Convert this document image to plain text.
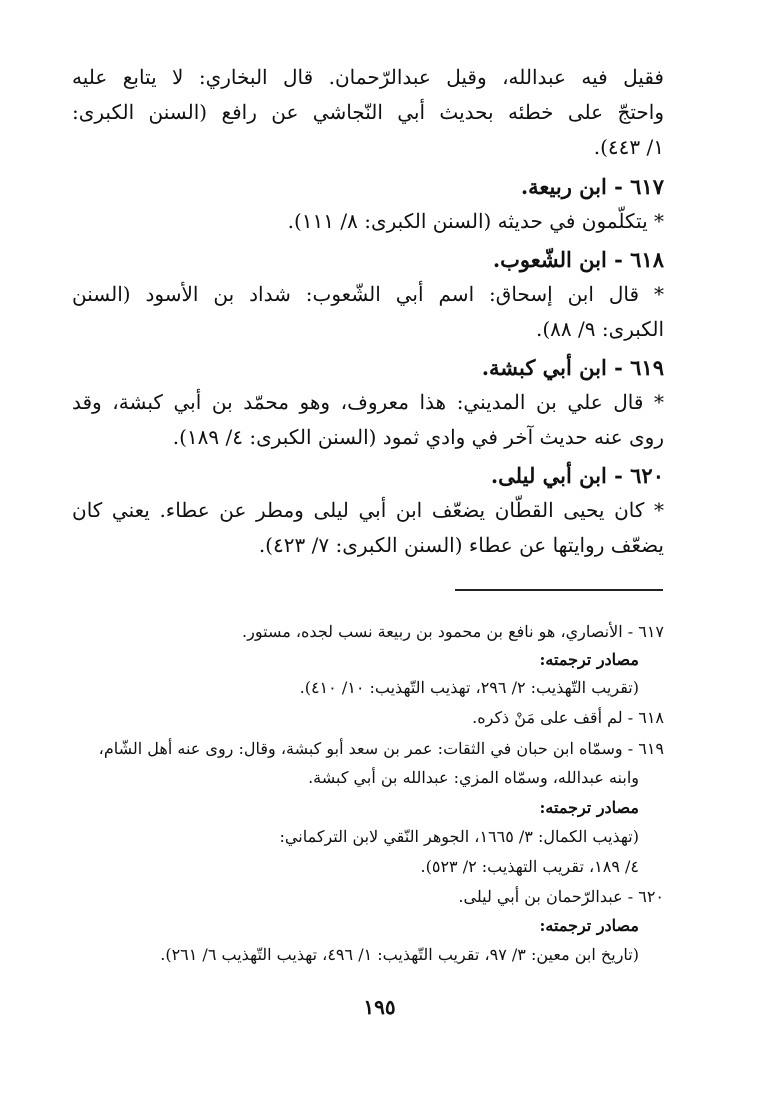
فقيل فيه عبدالله، وقيل عبدالرّحمان. قال البخاري: لا يتابع عليه
واحتجّ على خطئه بحديث أبي النّجاشي عن رافع (السنن الكبرى:
١/ ٤٤٣).
٦١٧ - ابن ربيعة.
* يتكلّمون في حديثه (السنن الكبرى: ٨/ ١١١).
٦١٨ - ابن الشّعوب.
* قال ابن إسحاق: اسم أبي الشّعوب: شداد بن الأسود (السنن
الكبرى: ٩/ ٨٨).
٦١٩ - ابن أبي كبشة.
* قال علي بن المديني: هذا معروف، وهو محمّد بن أبي كبشة، وقد
روى عنه حديث آخر في وادي ثمود (السنن الكبرى: ٤/ ١٨٩).
٦٢٠ - ابن أبي ليلى.
* كان يحيى القطّان يضعّف ابن أبي ليلى ومطر عن عطاء. يعني كان
يضعّف روايتها عن عطاء (السنن الكبرى: ٧/ ٤٢٣).
٦١٧ - الأنصاري، هو نافع بن محمود بن ربيعة نسب لجده، مستور.
مصادر ترجمته:
(تقريب التّهذيب: ٢/ ٢٩٦، تهذيب التّهذيب: ١٠/ ٤١٠).
٦١٨ - لم أقف على مَنْ ذكره.
٦١٩ - وسمّاه ابن حبان في الثقات: عمر بن سعد أبو كبشة، وقال: روى عنه أهل الشّام،
وابنه عبدالله، وسمّاه المزي: عبدالله بن أبي كبشة.
مصادر ترجمته:
(تهذيب الكمال: ٣/ ١٦٦٥، الجوهر النّقي لابن التركماني:
٤/ ١٨٩، تقريب التهذيب: ٢/ ٥٢٣).
٦٢٠ - عبدالرّحمان بن أبي ليلى.
مصادر ترجمته:
(تاريخ ابن معين: ٣/ ٩٧، تقريب التّهذيب: ١/ ٤٩٦، تهذيب التّهذيب ٦/ ٢٦١).
١٩٥
